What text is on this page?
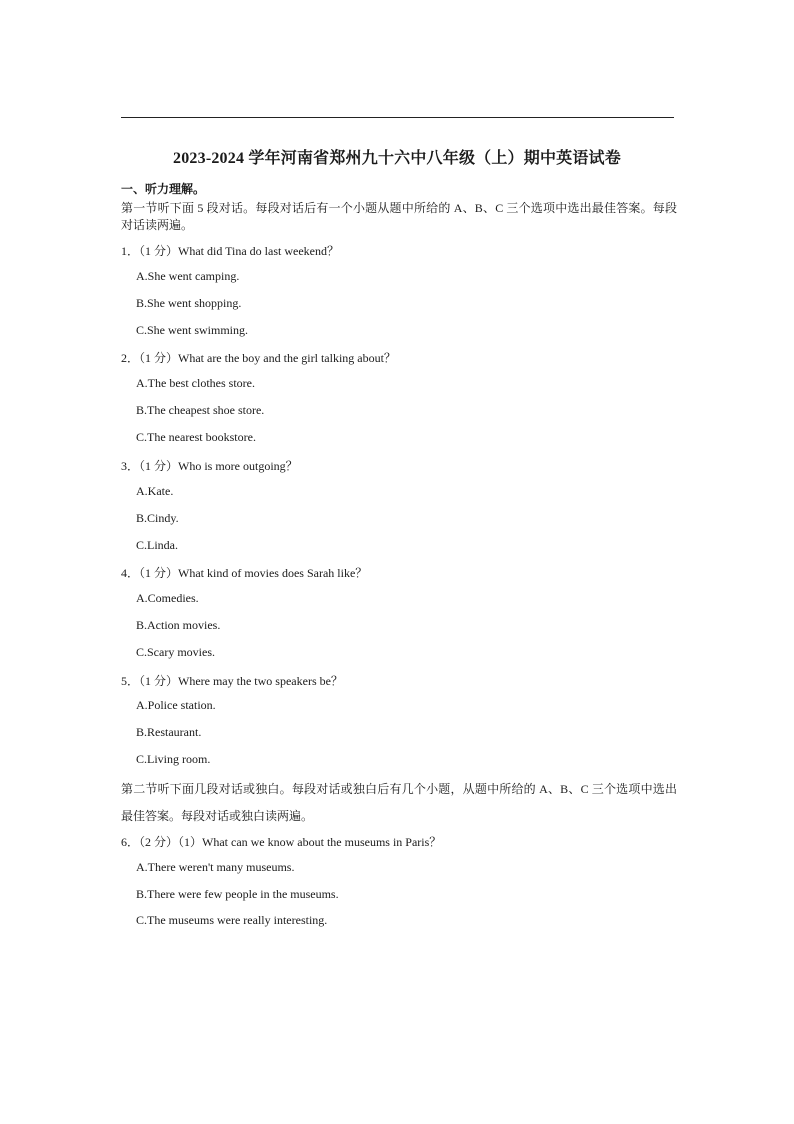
2023-2024 学年河南省郑州九十六中八年级（上）期中英语试卷
一、听力理解。
第一节听下面 5 段对话。每段对话后有一个小题从题中所给的 A、B、C 三个选项中选出最佳答案。每段对话读两遍。
1．（1 分）What did Tina do last weekend？
A.She went camping.
B.She went shopping.
C.She went swimming.
2．（1 分）What are the boy and the girl talking about？
A.The best clothes store.
B.The cheapest shoe store.
C.The nearest bookstore.
3．（1 分）Who is more outgoing？
A.Kate.
B.Cindy.
C.Linda.
4．（1 分）What kind of movies does Sarah like？
A.Comedies.
B.Action movies.
C.Scary movies.
5．（1 分）Where may the two speakers be？
A.Police station.
B.Restaurant.
C.Living room.
第二节听下面几段对话或独白。每段对话或独白后有几个小题，从题中所给的 A、B、C 三个选项中选出最佳答案。每段对话或独白读两遍。
6．（2 分）（1）What can we know about the museums in Paris？
A.There weren't many museums.
B.There were few people in the museums.
C.The museums were really interesting.
